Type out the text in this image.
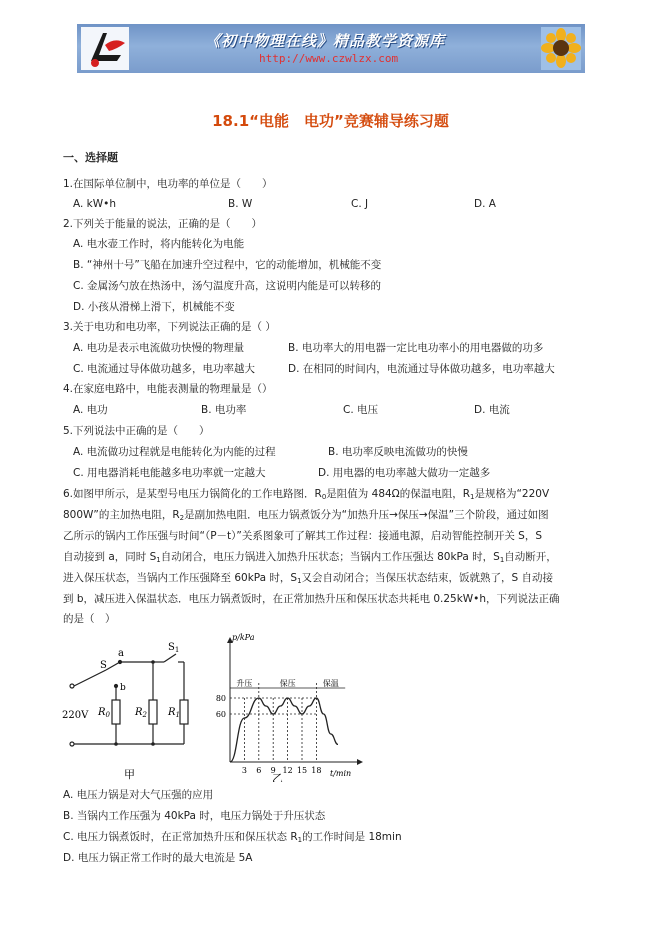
《初中物理在线》精品教学资源库
http://www.czwlzx.com
18.1“电能　电功”竞赛辅导练习题
一、选择题
1.在国际单位制中，电功率的单位是（　　）
A. kW•h	B. W	C. J	D. A
2.下列关于能量的说法，正确的是（　　）
A. 电水壶工作时，将内能转化为电能
B. “神州十号”飞船在加速升空过程中，它的动能增加，机械能不变
C. 金属汤勺放在热汤中，汤勺温度升高，这说明内能是可以转移的
D. 小孩从滑梯上滑下，机械能不变
3.关于电功和电功率，下列说法正确的是（ ）
A. 电功是表示电流做功快慢的物理量	B. 电功率大的用电器一定比电功率小的用电器做的功多
C. 电流通过导体做功越多，电功率越大	D. 在相同的时间内，电流通过导体做功越多，电功率越大
4.在家庭电路中，电能表测量的物理量是（）
A. 电功	B. 电功率	C. 电压	D. 电流
5.下列说法中正确的是（　　）
A. 电流做功过程就是电能转化为内能的过程	B. 电功率反映电流做功的快慢
C. 用电器消耗电能越多电功率就一定越大	D. 用电器的电功率越大做功一定越多
6.如图甲所示，是某型号电压力锅简化的工作电路图．$R_0$是阻值为 484Ω的保温电阻，$R_1$是规格为“220V
800W”的主加热电阻，$R_2$是副加热电阻．电压力锅煮饭分为“加热升压→保压→保温”三个阶段，通过如图
乙所示的锅内工作压强与时间“（P－t）”关系图象可了解其工作过程：接通电源，启动智能控制开关 S，S
自动接到 a，同时 $S_1$自动闭合，电压力锅进入加热升压状态；当锅内工作压强达 80kPa 时，$S_1$自动断开，
进入保压状态，当锅内工作压强降至 60kPa 时，$S_1$又会自动闭合；当保压状态结束，饭就熟了，S 自动接
到 b，减压进入保温状态．电压力锅煮饭时，在正常加热升压和保压状态共耗电 0.25kW•h，下列说法正确
的是（　）
S
a
$S_1$
b
220V $R_0$	$R_2$ $R_1$
甲
60
80
3 6 9 12 15 18
升压	保压	保温
p/kPa
t/min
乙
A. 电压力锅是对大气压强的应用
B. 当锅内工作压强为 40kPa 时，电压力锅处于升压状态
C. 电压力锅煮饭时，在正常加热升压和保压状态 $R_1$的工作时间是 18min
D. 电压力锅正常工作时的最大电流是 5A
